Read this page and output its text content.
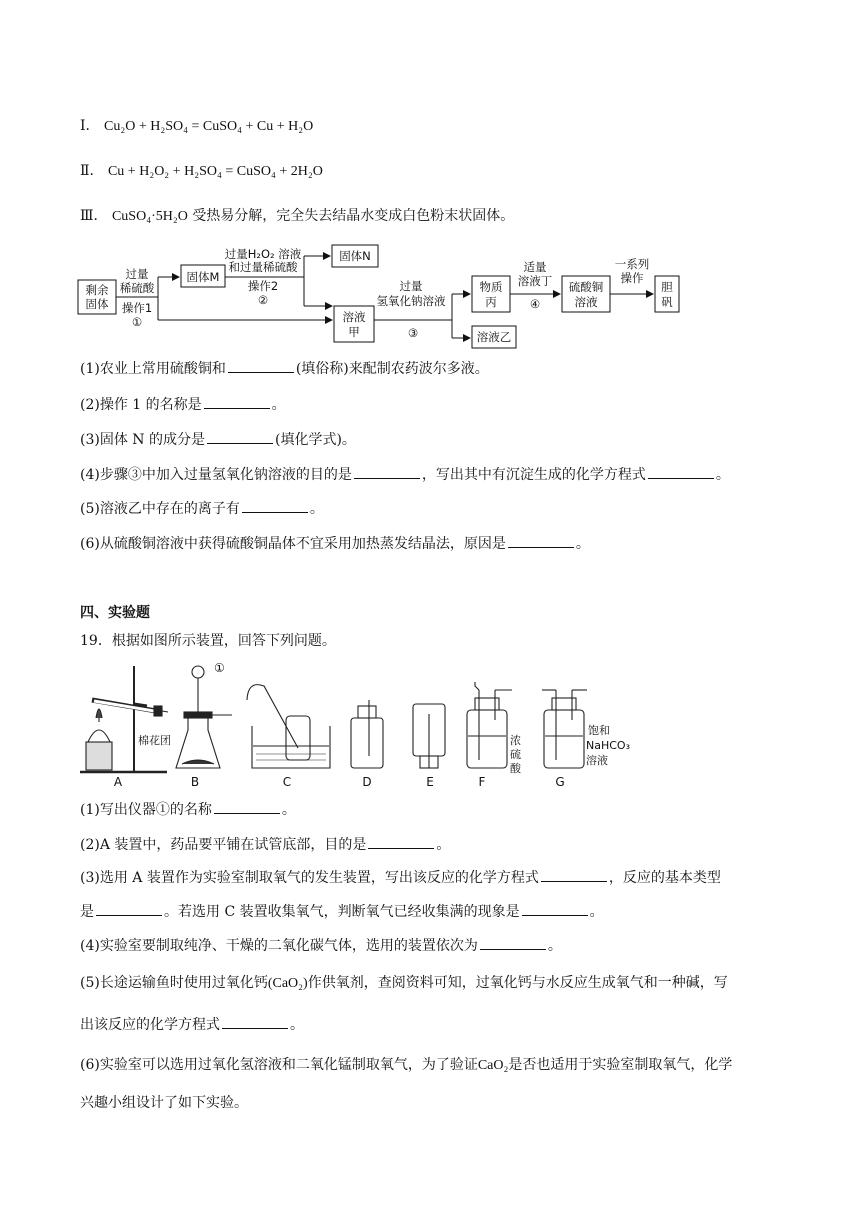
Ⅰ． Cu₂O + H₂SO₄ = CuSO₄ + Cu + H₂O
Ⅱ． Cu + H₂O₂ + H₂SO₄ = CuSO₄ + 2H₂O
Ⅲ． CuSO₄·5H₂O 受热易分解，完全失去结晶水变成白色粉末状固体。
剩余
固体
过量
稀硫酸
操作1
①
固体M
过量H₂O₂ 溶液
和过量稀硫酸
操作2
②
固体N
溶液
甲
过量
氢氧化钠溶液
③
物质
丙
适量
溶液丁
④
硫酸铜
溶液
一系列
操作
胆
矾
溶液乙
(1)农业上常用硫酸铜和	(填俗称)来配制农药波尔多液。
(2)操作 1 的名称是	。
(3)固体 N 的成分是	(填化学式)。
(4)步骤③中加入过量氢氧化钠溶液的目的是	，写出其中有沉淀生成的化学方程式	。
(5)溶液乙中存在的离子有	。
(6)从硫酸铜溶液中获得硫酸铜晶体不宜采用加热蒸发结晶法，原因是	。
四、实验题
19．根据如图所示装置，回答下列问题。
①
棉花团	浓
硫
酸
饱和
NaHCO₃
溶液
A	B	C	D	E	F	G
(1)写出仪器①的名称	。
(2)A 装置中，药品要平铺在试管底部，目的是	。
(3)选用 A 装置作为实验室制取氧气的发生装置，写出该反应的化学方程式	，反应的基本类型
是	。若选用 C 装置收集氧气，判断氧气已经收集满的现象是	。
(4)实验室要制取纯净、干燥的二氧化碳气体，选用的装置依次为	。
(5)长途运输鱼时使用过氧化钙(CaO₂)作供氧剂，查阅资料可知，过氧化钙与水反应生成氧气和一种碱，写
出该反应的化学方程式	。
(6)实验室可以选用过氧化氢溶液和二氧化锰制取氧气，为了验证CaO₂是否也适用于实验室制取氧气，化学
兴趣小组设计了如下实验。
